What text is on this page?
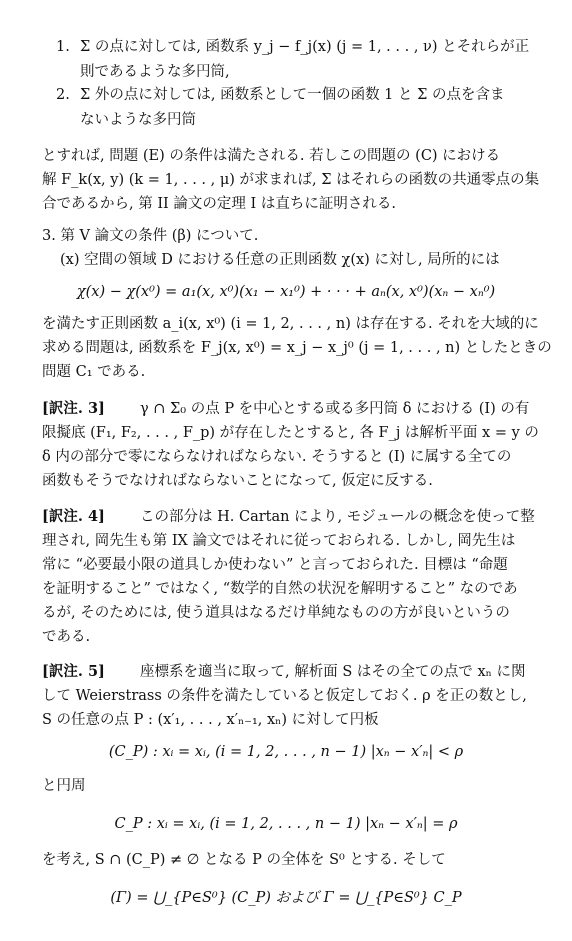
1. Σ の点に対しては, 函数系 y_j − f_j(x) (j = 1, . . . , ν) とそれらが正
則であるような多円筒,
2. Σ 外の点に対しては, 函数系として一個の函数 1 と Σ の点を含ま
ないような多円筒
とすれば, 問題 (E) の条件は満たされる. 若しこの問題の (C) における
解 F_k(x, y) (k = 1, . . . , μ) が求まれば, Σ はそれらの函数の共通零点の集
合であるから, 第 II 論文の定理 I は直ちに証明される.
3. 第 V 論文の条件 (β) について.
(x) 空間の領域 D における任意の正則函数 χ(x) に対し, 局所的には
χ(x) − χ(x⁰) = a₁(x, x⁰)(x₁ − x₁⁰) + · · · + aₙ(x, x⁰)(xₙ − xₙ⁰)
を満たす正則函数 a_i(x, x⁰) (i = 1, 2, . . . , n) は存在する. それを大域的に
求める問題は, 函数系を F_j(x, x⁰) = x_j − x_j⁰ (j = 1, . . . , n) としたときの
問題 C₁ である.
[訳注. 3] γ ∩ Σ₀ の点 P を中心とする或る多円筒 δ における (I) の有
限擬底 (F₁, F₂, . . . , F_p) が存在したとすると, 各 F_j は解析平面 x = y の
δ 内の部分で零にならなければならない. そうすると (I) に属する全ての
函数もそうでなければならないことになって, 仮定に反する.
[訳注. 4] この部分は H. Cartan により, モジュールの概念を使って整
理され, 岡先生も第 IX 論文ではそれに従っておられる. しかし, 岡先生は
常に “必要最小限の道具しか使わない” と言っておられた. 目標は “命題
を証明すること” ではなく, “数学的自然の状況を解明すること” なのであ
るが, そのためには, 使う道具はなるだけ単純なものの方が良いというの
である.
[訳注. 5] 座標系を適当に取って, 解析面 S はその全ての点で xₙ に関
して Weierstrass の条件を満たしていると仮定しておく. ρ を正の数とし,
S の任意の点 P : (x′₁, . . . , x′ₙ₋₁, xₙ) に対して円板
(C_P) : xᵢ = xᵢ, (i = 1, 2, . . . , n − 1) |xₙ − x′ₙ| < ρ
と円周
C_P : xᵢ = xᵢ, (i = 1, 2, . . . , n − 1) |xₙ − x′ₙ| = ρ
を考え, S ∩ (C_P) ≠ ∅ となる P の全体を S⁰ とする. そして
(Γ) = ⋃_{P∈S⁰} (C_P) および Γ = ⋃_{P∈S⁰} C_P
